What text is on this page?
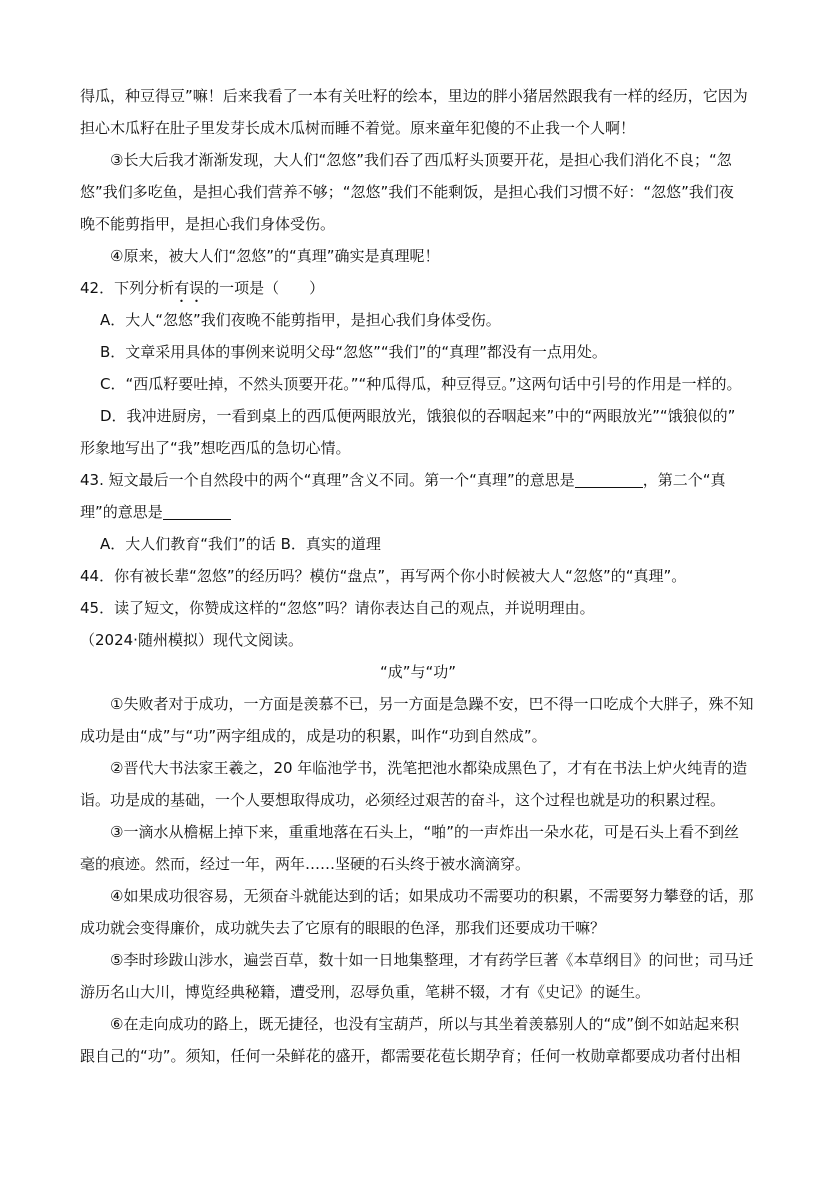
得瓜，种豆得豆”嘛！后来我看了一本有关吐籽的绘本，里边的胖小猪居然跟我有一样的经历，它因为
担心木瓜籽在肚子里发芽长成木瓜树而睡不着觉。原来童年犯傻的不止我一个人啊！
③长大后我才渐渐发现，大人们“忽悠”我们吞了西瓜籽头顶要开花，是担心我们消化不良；“忽
悠”我们多吃鱼，是担心我们营养不够；“忽悠”我们不能剩饭，是担心我们习惯不好：“忽悠”我们夜
晚不能剪指甲，是担心我们身体受伤。
④原来，被大人们“忽悠”的“真理”确实是真理呢！
42．下列分析有误的一项是（　　）
A．大人“忽悠”我们夜晚不能剪指甲，是担心我们身体受伤。
B．文章采用具体的事例来说明父母“忽悠”“我们”的“真理”都没有一点用处。
C．“西瓜籽要吐掉，不然头顶要开花。”“种瓜得瓜，种豆得豆。”这两句话中引号的作用是一样的。
D．我冲进厨房，一看到桌上的西瓜便两眼放光，饿狼似的吞咽起来”中的“两眼放光”“饿狼似的”
形象地写出了“我”想吃西瓜的急切心情。
43. 短文最后一个自然段中的两个“真理”含义不同。第一个“真理”的意思是	，第二个“真
理”的意思是
A．大人们教育“我们”的话 B．真实的道理
44．你有被长辈“忽悠”的经历吗？模仿“盘点”，再写两个你小时候被大人“忽悠”的“真理”。
45．读了短文，你赞成这样的“忽悠”吗？请你表达自己的观点，并说明理由。
（2024·随州模拟）现代文阅读。
“成”与“功”
①失败者对于成功，一方面是羡慕不已，另一方面是急躁不安，巴不得一口吃成个大胖子，殊不知
成功是由“成”与“功”两字组成的，成是功的积累，叫作“功到自然成”。
②晋代大书法家王羲之，20 年临池学书，洗笔把池水都染成黑色了，才有在书法上炉火纯青的造
诣。功是成的基础，一个人要想取得成功，必须经过艰苦的奋斗，这个过程也就是功的积累过程。
③一滴水从檐椐上掉下来，重重地落在石头上，“啪”的一声炸出一朵水花，可是石头上看不到丝
毫的痕迹。然而，经过一年，两年……坚硬的石头终于被水滴滴穿。
④如果成功很容易，无须奋斗就能达到的话；如果成功不需要功的积累，不需要努力攀登的话，那
成功就会变得廉价，成功就失去了它原有的眼眼的色泽，那我们还要成功干嘛？
⑤李时珍跋山涉水，遍尝百草，数十如一日地集整理，才有药学巨著《本草纲目》的问世；司马迁
游历名山大川，博览经典秘籍，遭受刑，忍辱负重，笔耕不辍，才有《史记》的诞生。
⑥在走向成功的路上，既无捷径，也没有宝葫芦，所以与其坐着羡慕别人的“成”倒不如站起来积
跟自己的“功”。须知，任何一朵鲜花的盛开，都需要花苞长期孕育；任何一枚勋章都要成功者付出相
